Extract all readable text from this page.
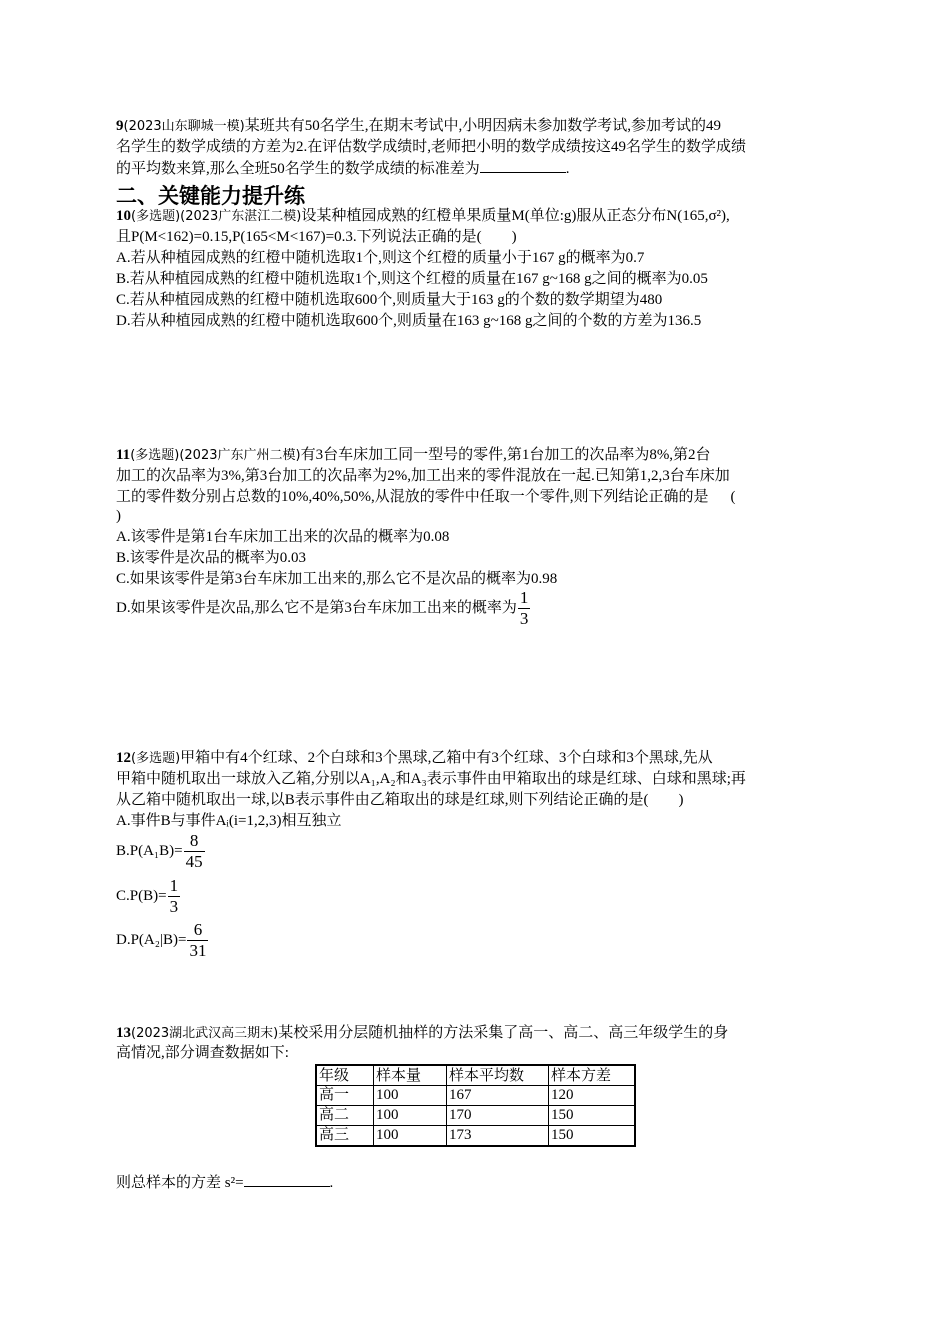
9(2023山东聊城一模)某班共有50名学生,在期末考试中,小明因病未参加数学考试,参加考试的49
名学生的数学成绩的方差为2.在评估数学成绩时,老师把小明的数学成绩按这49名学生的数学成绩
的平均数来算,那么全班50名学生的数学成绩的标准差为	.
二、关键能力提升练
10(多选题)(2023广东湛江二模)设某种植园成熟的红橙单果质量M(单位:g)服从正态分布N(165,σ²),
且P(M<162)=0.15,P(165<M<167)=0.3.下列说法正确的是(　　)
A.若从种植园成熟的红橙中随机选取1个,则这个红橙的质量小于167 g的概率为0.7
B.若从种植园成熟的红橙中随机选取1个,则这个红橙的质量在167 g~168 g之间的概率为0.05
C.若从种植园成熟的红橙中随机选取600个,则质量大于163 g的个数的数学期望为480
D.若从种植园成熟的红橙中随机选取600个,则质量在163 g~168 g之间的个数的方差为136.5
11(多选题)(2023广东广州二模)有3台车床加工同一型号的零件,第1台加工的次品率为8%,第2台
加工的次品率为3%,第3台加工的次品率为2%,加工出来的零件混放在一起.已知第1,2,3台车床加
工的零件数分别占总数的10%,40%,50%,从混放的零件中任取一个零件,则下列结论正确的是 (
)
A.该零件是第1台车床加工出来的次品的概率为0.08
B.该零件是次品的概率为0.03
C.如果该零件是第3台车床加工出来的,那么它不是次品的概率为0.98
D.如果该零件是次品,那么它不是第3台车床加工出来的概率为 $\frac{1}{3}$
12(多选题)甲箱中有4个红球、2个白球和3个黑球,乙箱中有3个红球、3个白球和3个黑球,先从
甲箱中随机取出一球放入乙箱,分别以A₁,A₂和A₃表示事件由甲箱取出的球是红球、白球和黑球;再
从乙箱中随机取出一球,以B表示事件由乙箱取出的球是红球,则下列结论正确的是(　　)
A.事件B与事件Aᵢ(i=1,2,3)相互独立
$B.P(A_1B)= \frac{8}{45}$
$C.P(B)= \frac{1}{3}$
$D.P(A_2|B)= \frac{6}{31}$
13(2023湖北武汉高三期末)某校采用分层随机抽样的方法采集了高一、高二、高三年级学生的身
高情况,部分调查数据如下:
年级	样本量	样本平均数	样本方差
高一	100	167	120
高二	100	170	150
高三	100	173	150
则总样本的方差 s²=	.
